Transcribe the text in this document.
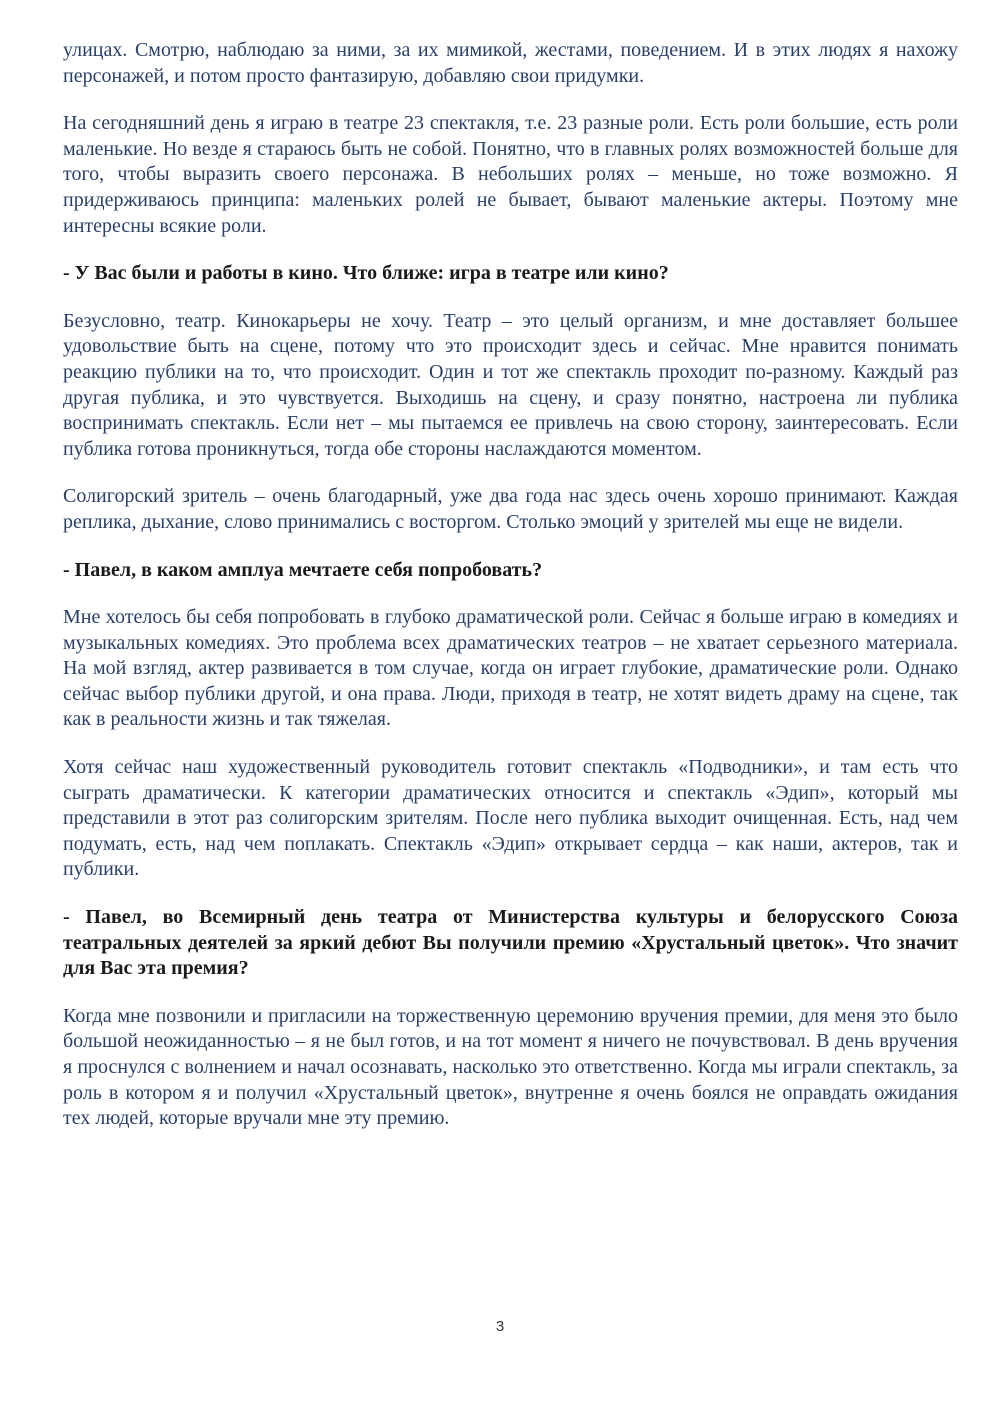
улицах. Смотрю, наблюдаю за ними, за их мимикой, жестами, поведением. И в этих людях я нахожу персонажей, и потом просто фантазирую, добавляю свои придумки.

На сегодняшний день я играю в театре 23 спектакля, т.е. 23 разные роли. Есть роли большие, есть роли маленькие. Но везде я стараюсь быть не собой. Понятно, что в главных ролях возможностей больше для того, чтобы выразить своего персонажа. В небольших ролях – меньше, но тоже возможно. Я придерживаюсь принципа: маленьких ролей не бывает, бывают маленькие актеры. Поэтому мне интересны всякие роли.

- У Вас были и работы в кино. Что ближе: игра в театре или кино?

Безусловно, театр. Кинокарьеры не хочу. Театр – это целый организм, и мне доставляет большее удовольствие быть на сцене, потому что это происходит здесь и сейчас. Мне нравится понимать реакцию публики на то, что происходит. Один и тот же спектакль проходит по-разному. Каждый раз другая публика, и это чувствуется. Выходишь на сцену, и сразу понятно, настроена ли публика воспринимать спектакль. Если нет – мы пытаемся ее привлечь на свою сторону, заинтересовать. Если публика готова проникнуться, тогда обе стороны наслаждаются моментом.

Солигорский зритель – очень благодарный, уже два года нас здесь очень хорошо принимают. Каждая реплика, дыхание, слово принимались с восторгом. Столько эмоций у зрителей мы еще не видели.

- Павел, в каком амплуа мечтаете себя попробовать?

Мне хотелось бы себя попробовать в глубоко драматической роли. Сейчас я больше играю в комедиях и музыкальных комедиях. Это проблема всех драматических театров – не хватает серьезного материала. На мой взгляд, актер развивается в том случае, когда он играет глубокие, драматические роли. Однако сейчас выбор публики другой, и она права. Люди, приходя в театр, не хотят видеть драму на сцене, так как в реальности жизнь и так тяжелая.

Хотя сейчас наш художественный руководитель готовит спектакль «Подводники», и там есть что сыграть драматически. К категории драматических относится и спектакль «Эдип», который мы представили в этот раз солигорским зрителям. После него публика выходит очищенная. Есть, над чем подумать, есть, над чем поплакать. Спектакль «Эдип» открывает сердца – как наши, актеров, так и публики.

- Павел, во Всемирный день театра от Министерства культуры и белорусского Союза театральных деятелей за яркий дебют Вы получили премию «Хрустальный цветок». Что значит для Вас эта премия?

Когда мне позвонили и пригласили на торжественную церемонию вручения премии, для меня это было большой неожиданностью – я не был готов, и на тот момент я ничего не почувствовал. В день вручения я проснулся с волнением и начал осознавать, насколько это ответственно. Когда мы играли спектакль, за роль в котором я и получил «Хрустальный цветок», внутренне я очень боялся не оправдать ожидания тех людей, которые вручали мне эту премию.

3
